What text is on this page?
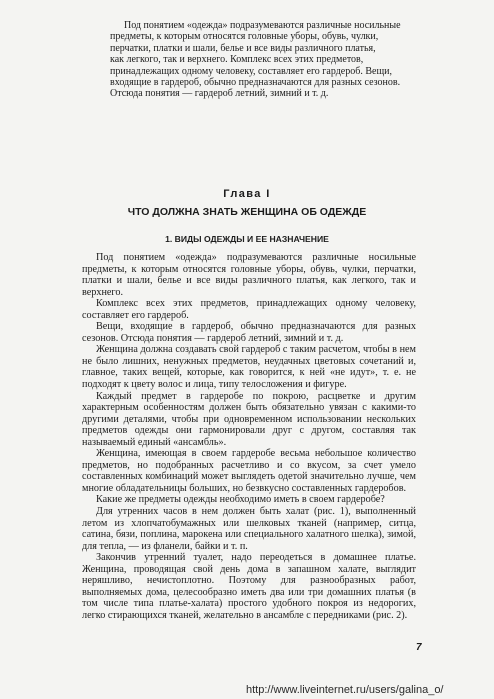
Под понятием «одежда» подразумеваются различные носильные

предметы, к которым относятся головные уборы, обувь, чулки,

перчатки, платки и шали, белье и все виды различного платья,

как легкого, так и верхнего. Комплекс всех этих предметов,

принадлежащих одному человеку, составляет его гардероб. Вещи,

входящие в гардероб, обычно предназначаются для разных сезонов.

Отсюда понятия — гардероб летний, зимний и т. д.

Глава I
ЧТО ДОЛЖНА ЗНАТЬ ЖЕНЩИНА ОБ ОДЕЖДЕ
1. ВИДЫ ОДЕЖДЫ И ЕЕ НАЗНАЧЕНИЕ

Под понятием «одежда» подразумеваются различные носильные предметы, к которым относятся головные уборы, обувь, чулки, перчатки, платки и шали, белье и все виды различного платья, как легкого, так и верхнего.

Комплекс всех этих предметов, принадлежащих одному человеку, составляет его гардероб.

Вещи, входящие в гардероб, обычно предназначаются для разных сезонов. Отсюда понятия — гардероб летний, зимний и т. д.

Женщина должна создавать свой гардероб с таким расчетом, чтобы в нем не было лишних, ненужных предметов, неудачных цветовых сочетаний и, главное, таких вещей, которые, как говорится, к ней «не идут», т. е. не подходят к цвету волос и лица, типу телосложения и фигуре.

Каждый предмет в гардеробе по покрою, расцветке и другим характерным особенностям должен быть обязательно увязан с какими-то другими деталями, чтобы при одновременном использовании нескольких предметов одежды они гармонировали друг с другом, составляя так называемый единый «ансамбль».

Женщина, имеющая в своем гардеробе весьма небольшое количество предметов, но подобранных расчетливо и со вкусом, за счет умело составленных комбинаций может выглядеть одетой значительно лучше, чем многие обладательницы больших, но безвкусно составленных гардеробов.

Какие же предметы одежды необходимо иметь в своем гардеробе?

Для утренних часов в нем должен быть халат (рис. 1), выполненный летом из хлопчатобумажных или шелковых тканей (например, ситца, сатина, бязи, поплина, марокена или специального халатного шелка), зимой, для тепла, — из фланели, байки и т. п.

Закончив утренний туалет, надо переодеться в домашнее платье. Женщина, проводящая свой день дома в запашном халате, выглядит неряшливо, нечистоплотно. Поэтому для разнообразных работ, выполняемых дома, целесообразно иметь два или три домашних платья (в том числе типа платье-халата) простого удобного покроя из недорогих, легко стирающихся тканей, желательно в ансамбле с передниками (рис. 2).

7
http://www.liveinternet.ru/users/galina_o/
